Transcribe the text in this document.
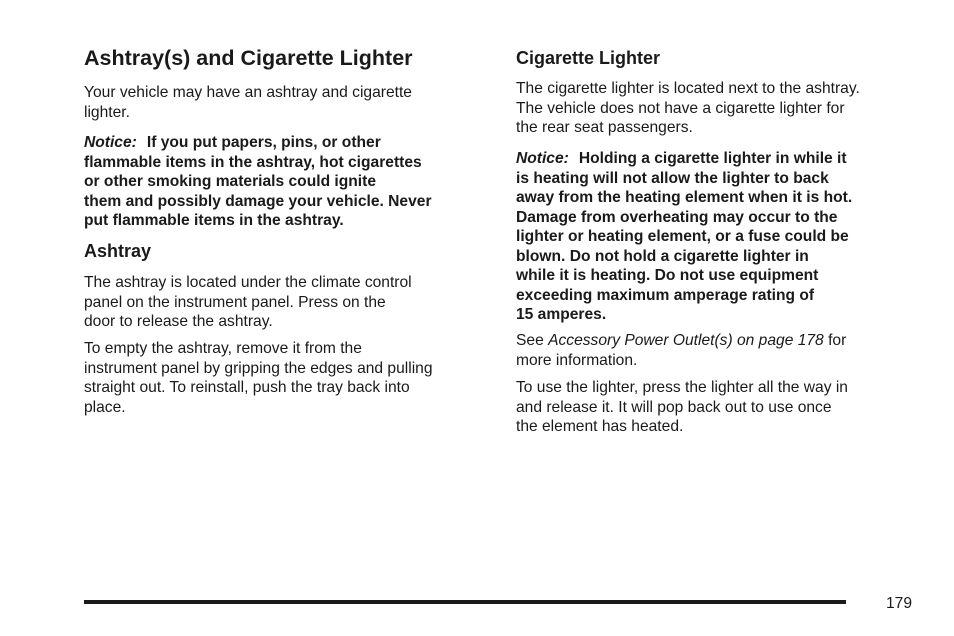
Ashtray(s) and Cigarette Lighter
Your vehicle may have an ashtray and cigarette
lighter.
Notice: If you put papers, pins, or other
flammable items in the ashtray, hot cigarettes
or other smoking materials could ignite
them and possibly damage your vehicle. Never
put flammable items in the ashtray.
Ashtray
The ashtray is located under the climate control
panel on the instrument panel. Press on the
door to release the ashtray.
To empty the ashtray, remove it from the
instrument panel by gripping the edges and pulling
straight out. To reinstall, push the tray back into
place.
Cigarette Lighter
The cigarette lighter is located next to the ashtray.
The vehicle does not have a cigarette lighter for
the rear seat passengers.
Notice: Holding a cigarette lighter in while it
is heating will not allow the lighter to back
away from the heating element when it is hot.
Damage from overheating may occur to the
lighter or heating element, or a fuse could be
blown. Do not hold a cigarette lighter in
while it is heating. Do not use equipment
exceeding maximum amperage rating of
15 amperes.
See Accessory Power Outlet(s) on page 178 for
more information.
To use the lighter, press the lighter all the way in
and release it. It will pop back out to use once
the element has heated.
179
